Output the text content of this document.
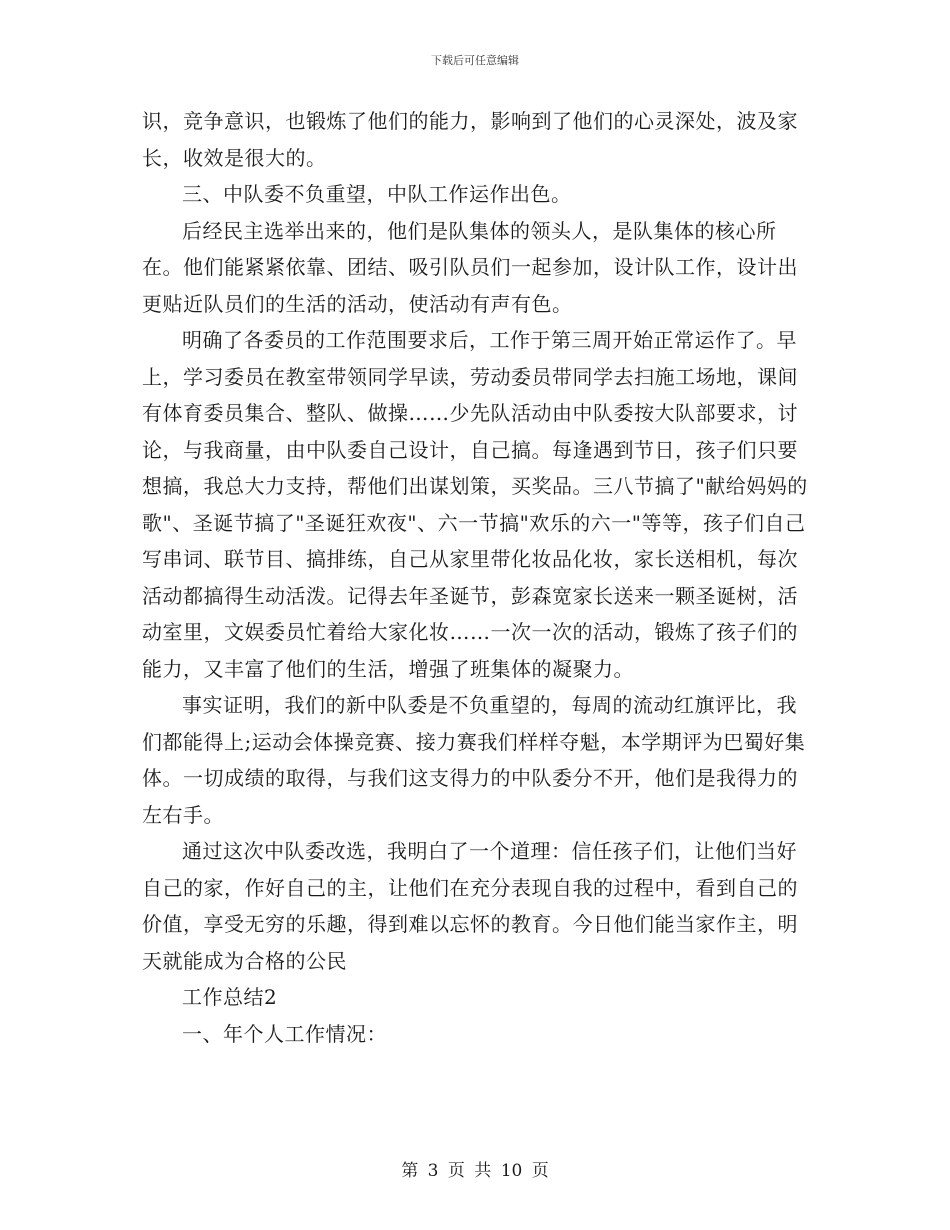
下载后可任意编辑

识，竞争意识，也锻炼了他们的能力，影响到了他们的心灵深处，波及家长，收效是很大的。

三、中队委不负重望，中队工作运作出色。

后经民主选举出来的，他们是队集体的领头人，是队集体的核心所在。他们能紧紧依靠、团结、吸引队员们一起参加，设计队工作，设计出更贴近队员们的生活的活动，使活动有声有色。

明确了各委员的工作范围要求后，工作于第三周开始正常运作了。早上，学习委员在教室带领同学早读，劳动委员带同学去扫施工场地，课间有体育委员集合、整队、做操……少先队活动由中队委按大队部要求，讨论，与我商量，由中队委自己设计，自己搞。每逢遇到节日，孩子们只要想搞，我总大力支持，帮他们出谋划策，买奖品。三八节搞了"献给妈妈的歌"、圣诞节搞了"圣诞狂欢夜"、六一节搞"欢乐的六一"等等，孩子们自己写串词、联节目、搞排练，自己从家里带化妆品化妆，家长送相机，每次活动都搞得生动活泼。记得去年圣诞节，彭森宽家长送来一颗圣诞树，活动室里，文娱委员忙着给大家化妆……一次一次的活动，锻炼了孩子们的能力，又丰富了他们的生活，增强了班集体的凝聚力。

事实证明，我们的新中队委是不负重望的，每周的流动红旗评比，我们都能得上;运动会体操竞赛、接力赛我们样样夺魁，本学期评为巴蜀好集体。一切成绩的取得，与我们这支得力的中队委分不开，他们是我得力的左右手。

通过这次中队委改选，我明白了一个道理：信任孩子们，让他们当好自己的家，作好自己的主，让他们在充分表现自我的过程中，看到自己的价值，享受无穷的乐趣，得到难以忘怀的教育。今日他们能当家作主，明天就能成为合格的公民

工作总结2

一、年个人工作情况：

第 3 页 共 10 页
